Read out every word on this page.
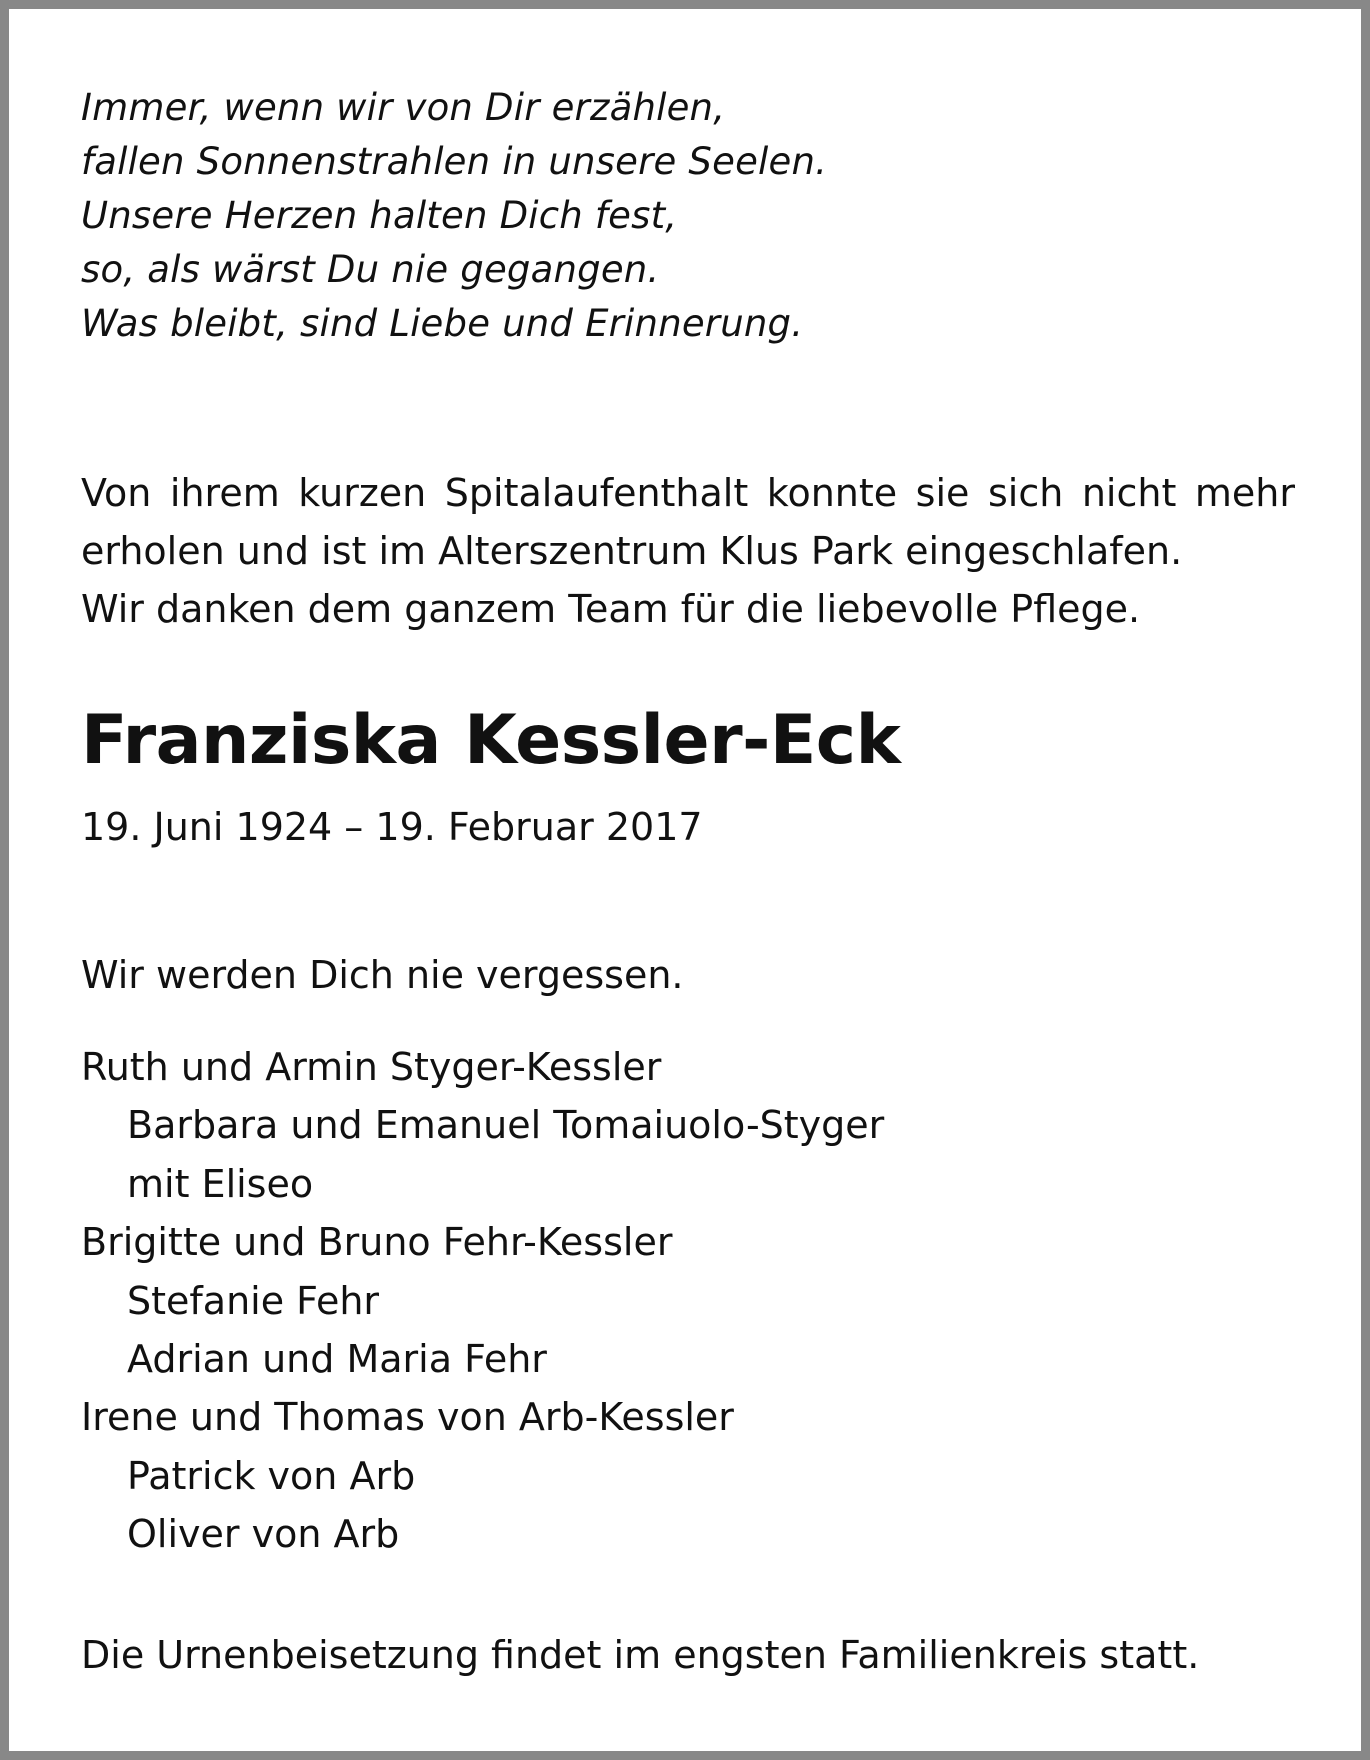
Immer, wenn wir von Dir erzählen,
fallen Sonnenstrahlen in unsere Seelen.
Unsere Herzen halten Dich fest,
so, als wärst Du nie gegangen.
Was bleibt, sind Liebe und Erinnerung.
Von ihrem kurzen Spitalaufenthalt konnte sie sich nicht mehr
erholen und ist im Alterszentrum Klus Park eingeschlafen.
Wir danken dem ganzem Team für die liebevolle Pflege.
Franziska Kessler-Eck
19. Juni 1924 – 19. Februar 2017
Wir werden Dich nie vergessen.
Ruth und Armin Styger-Kessler
Barbara und Emanuel Tomaiuolo-Styger
mit Eliseo
Brigitte und Bruno Fehr-Kessler
Stefanie Fehr
Adrian und Maria Fehr
Irene und Thomas von Arb-Kessler
Patrick von Arb
Oliver von Arb
Die Urnenbeisetzung findet im engsten Familienkreis statt.
